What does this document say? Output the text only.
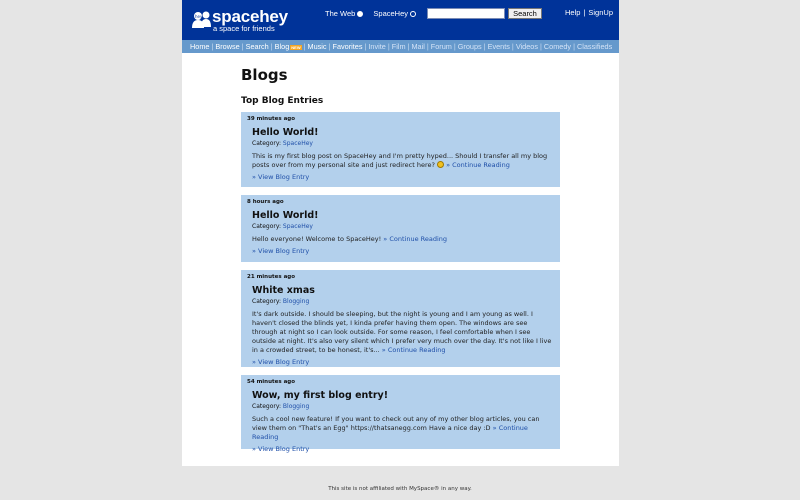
hey spacehey
a space for friends
The Web	SpaceHey	Search	Help | SignUp
Home | Browse | Search | Blog NEW | Music | Favorites | Invite | Film | Mail | Forum | Groups | Events | Videos | Comedy | Classifieds
Blogs
Top Blog Entries
39 minutes ago
Hello World!
Category: SpaceHey
This is my first blog post on SpaceHey and I'm pretty hyped... Should I transfer all my blog posts over from my personal site and just redirect here? » Continue Reading
» View Blog Entry
8 hours ago
Hello World!
Category: SpaceHey
Hello everyone! Welcome to SpaceHey! » Continue Reading
» View Blog Entry
21 minutes ago
White xmas
Category: Blogging
It's dark outside. I should be sleeping, but the night is young and I am young as well. I haven't closed the blinds yet, I kinda prefer having them open. The windows are see through at night so I can look outside. For some reason, I feel comfortable when I see outside at night. It's also very silent which I prefer very much over the day. It's not like I live in a crowded street, to be honest, it's... » Continue Reading
» View Blog Entry
54 minutes ago
Wow, my first blog entry!
Category: Blogging
Such a cool new feature! If you want to check out any of my other blog articles, you can view them on "That's an Egg" https://thatsanegg.com Have a nice day :D » Continue Reading
» View Blog Entry
This site is not affiliated with MySpace® in any way.
